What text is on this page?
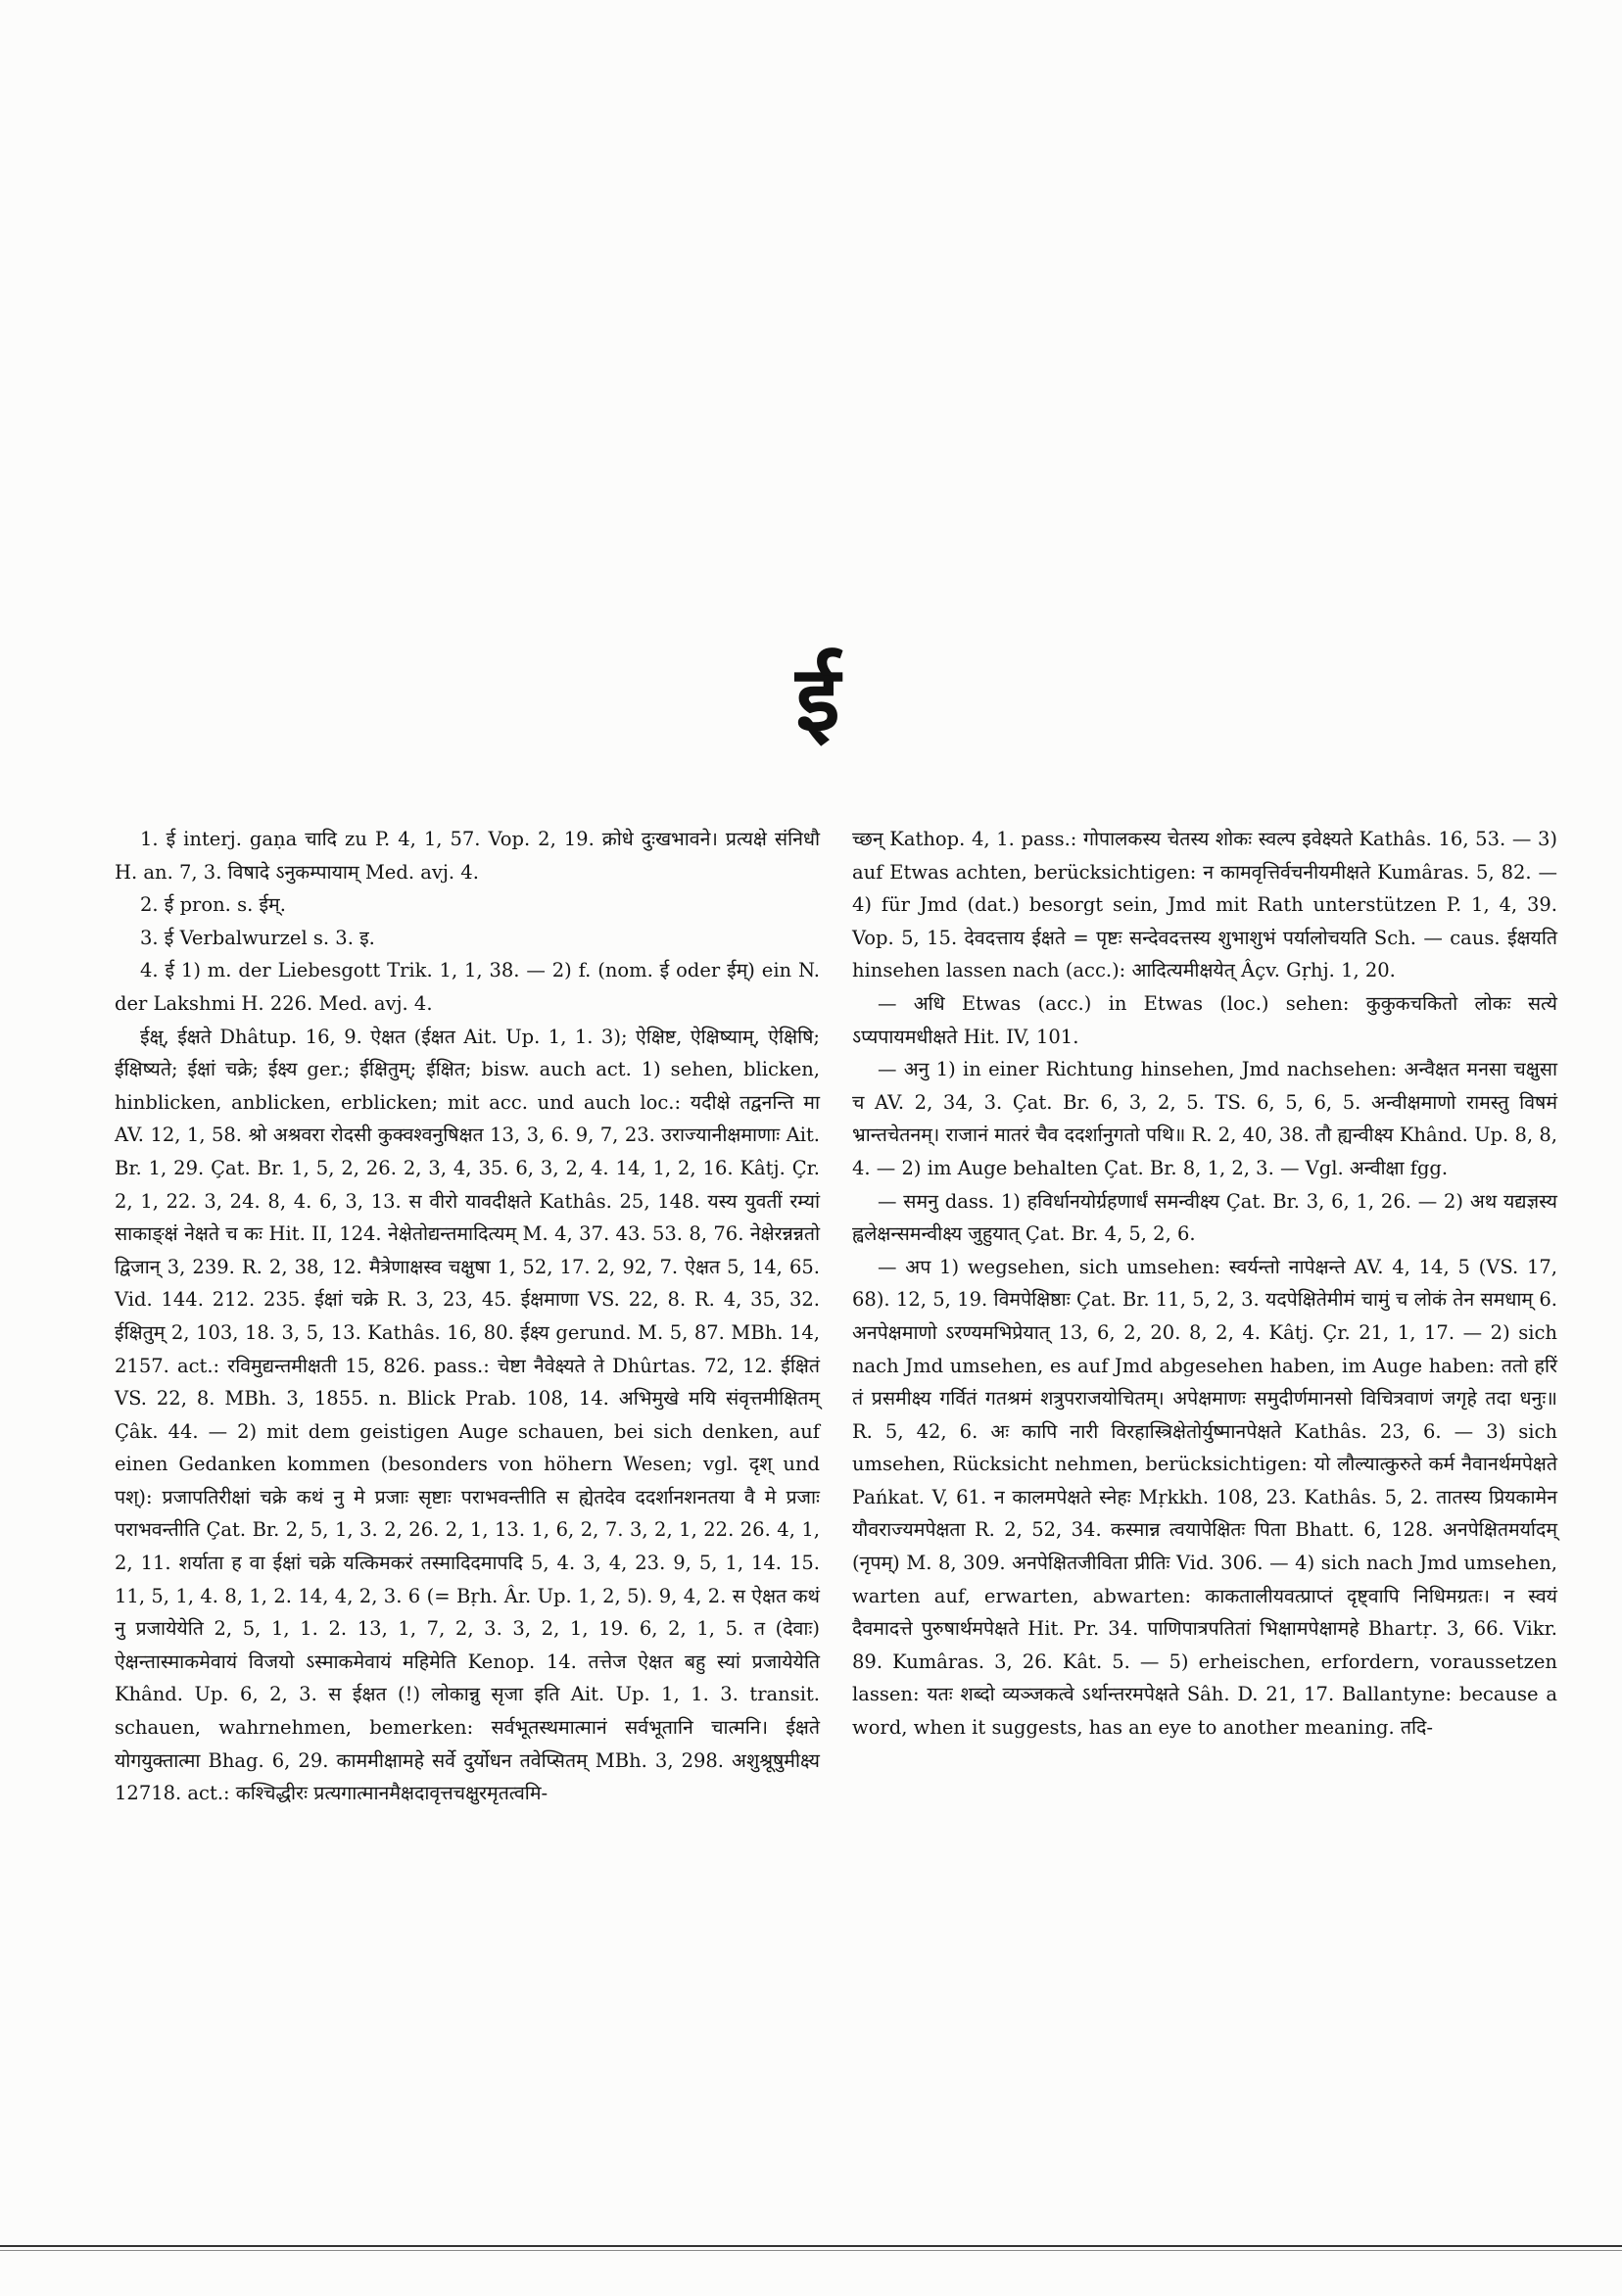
ई

1. ई interj. gaṇa चादि zu P. 4, 1, 57. Vop. 2, 19. क्रोधे दुःखभावने। प्रत्यक्षे संनिधौ H. an. 7, 3. विषादे ऽनुकम्पायाम् Med. avj. 4.

2. ई pron. s. ईम्.

3. ई Verbalwurzel s. 3. इ.

4. ई 1) m. der Liebesgott Trik. 1, 1, 38. — 2) f. (nom. ई oder ईम्) ein N. der Lakshmi H. 226. Med. avj. 4.

ईक्ष्, ईक्षते Dhâtup. 16, 9. ऐक्षत (ईक्षत Ait. Up. 1, 1. 3); ऐक्षिष्ट, ऐक्षिष्याम्, ऐक्षिषि; ईक्षिष्यते; ईक्षां चक्रे; ईक्ष्य ger.; ईक्षितुम्; ईक्षित; bisw. auch act. 1) sehen, blicken, hinblicken, anblicken, erblicken; mit acc. und auch loc.: यदीक्षे तद्वनन्ति मा AV. 12, 1, 58. श्रो अश्रवरा रोदसी कुक्वश्वनुषिक्षत 13, 3, 6. 9, 7, 23. उराज्यानीक्षमाणाः Ait. Br. 1, 29. Çat. Br. 1, 5, 2, 26. 2, 3, 4, 35. 6, 3, 2, 4. 14, 1, 2, 16. Kâtj. Çr. 2, 1, 22. 3, 24. 8, 4. 6, 3, 13. स वीरो यावदीक्षते Kathâs. 25, 148. यस्य युवतीं रम्यां साकाङ्क्षं नेक्षते च कः Hit. II, 124. नेक्षेतोद्यन्तमादित्यम् M. 4, 37. 43. 53. 8, 76. नेक्षेरन्नन्नतो द्विजान् 3, 239. R. 2, 38, 12. मैत्रेणाक्षस्व चक्षुषा 1, 52, 17. 2, 92, 7. ऐक्षत 5, 14, 65. Vid. 144. 212. 235. ईक्षां चक्रे R. 3, 23, 45. ईक्षमाणा VS. 22, 8. R. 4, 35, 32. ईक्षितुम् 2, 103, 18. 3, 5, 13. Kathâs. 16, 80. ईक्ष्य gerund. M. 5, 87. MBh. 14, 2157. act.: रविमुद्यन्तमीक्षती 15, 826. pass.: चेष्टा नैवेक्ष्यते ते Dhûrtas. 72, 12. ईक्षितं VS. 22, 8. MBh. 3, 1855. n. Blick Prab. 108, 14. अभिमुखे मयि संवृत्तमीक्षितम् Çâk. 44. — 2) mit dem geistigen Auge schauen, bei sich denken, auf einen Gedanken kommen (besonders von höhern Wesen; vgl. दृश् und पश्): प्रजापतिरीक्षां चक्रे कथं नु मे प्रजाः सृष्टाः पराभवन्तीति स ह्येतदेव ददर्शानशनतया वै मे प्रजाः पराभवन्तीति Çat. Br. 2, 5, 1, 3. 2, 26. 2, 1, 13. 1, 6, 2, 7. 3, 2, 1, 22. 26. 4, 1, 2, 11. शर्याता ह वा ईक्षां चक्रे यत्किमकरं तस्मादिदमापदि 5, 4. 3, 4, 23. 9, 5, 1, 14. 15. 11, 5, 1, 4. 8, 1, 2. 14, 4, 2, 3. 6 (= Bṛh. Âr. Up. 1, 2, 5). 9, 4, 2. स ऐक्षत कथं नु प्रजायेयेति 2, 5, 1, 1. 2. 13, 1, 7, 2, 3. 3, 2, 1, 19. 6, 2, 1, 5. त (देवाः) ऐक्षन्तास्माकमेवायं विजयो ऽस्माकमेवायं महिमेति Kenop. 14. तत्तेज ऐक्षत बहु स्यां प्रजायेयेति Khând. Up. 6, 2, 3. स ईक्षत (!) लोकान्नु सृजा इति Ait. Up. 1, 1. 3. transit. schauen, wahrnehmen, bemerken: सर्वभूतस्थमात्मानं सर्वभूतानि चात्मनि। ईक्षते योगयुक्तात्मा Bhag. 6, 29. काममीक्षामहे सर्वे दुर्योधन तवेप्सितम् MBh. 3, 298. अशुश्रूषुमीक्ष्य 12718. act.: कश्चिद्धीरः प्रत्यगात्मानमैक्षदावृत्तचक्षुरमृतत्वमि-

च्छन् Kathop. 4, 1. pass.: गोपालकस्य चेतस्य शोकः स्वल्प इवेक्ष्यते Kathâs. 16, 53. — 3) auf Etwas achten, berücksichtigen: न कामवृत्तिर्वचनीयमीक्षते Kumâras. 5, 82. — 4) für Jmd (dat.) besorgt sein, Jmd mit Rath unterstützen P. 1, 4, 39. Vop. 5, 15. देवदत्ताय ईक्षते = पृष्टः सन्देवदत्तस्य शुभाशुभं पर्यालोचयति Sch. — caus. ईक्षयति hinsehen lassen nach (acc.): आदित्यमीक्षयेत् Âçv. Gṛhj. 1, 20.

— अधि Etwas (acc.) in Etwas (loc.) sehen: कुकुकचकितो लोकः सत्ये ऽप्यपायमधीक्षते Hit. IV, 101.

— अनु 1) in einer Richtung hinsehen, Jmd nachsehen: अन्वैक्षत मनसा चक्षुसा च AV. 2, 34, 3. Çat. Br. 6, 3, 2, 5. TS. 6, 5, 6, 5. अन्वीक्षमाणो रामस्तु विषमं भ्रान्तचेतनम्। राजानं मातरं चैव ददर्शानुगतो पथि॥ R. 2, 40, 38. तौ ह्यन्वीक्ष्य Khând. Up. 8, 8, 4. — 2) im Auge behalten Çat. Br. 8, 1, 2, 3. — Vgl. अन्वीक्षा fgg.

— समनु dass. 1) हविर्धानयोर्ग्रहणार्धं समन्वीक्ष्य Çat. Br. 3, 6, 1, 26. — 2) अथ यद्यज्ञस्य ह्वलेक्षन्समन्वीक्ष्य जुहुयात् Çat. Br. 4, 5, 2, 6.

— अप 1) wegsehen, sich umsehen: स्वर्यन्तो नापेक्षन्ते AV. 4, 14, 5 (VS. 17, 68). 12, 5, 19. विमपेक्षिष्ठाः Çat. Br. 11, 5, 2, 3. यदपेक्षितेमीमं चामुं च लोकं तेन समधाम् 6. अनपेक्षमाणो ऽरण्यमभिप्रेयात् 13, 6, 2, 20. 8, 2, 4. Kâtj. Çr. 21, 1, 17. — 2) sich nach Jmd umsehen, es auf Jmd abgesehen haben, im Auge haben: ततो हरिं तं प्रसमीक्ष्य गर्वितं गतश्रमं शत्रुपराजयोचितम्। अपेक्षमाणः समुदीर्णमानसो विचित्रवाणं जगृहे तदा धनुः॥ R. 5, 42, 6. अः कापि नारी विरहास्त्रिक्षेतोर्युष्मानपेक्षते Kathâs. 23, 6. — 3) sich umsehen, Rücksicht nehmen, berücksichtigen: यो लौल्यात्कुरुते कर्म नैवानर्थमपेक्षते Pańkat. V, 61. न कालमपेक्षते स्नेहः Mṛkkh. 108, 23. Kathâs. 5, 2. तातस्य प्रियकामेन यौवराज्यमपेक्षता R. 2, 52, 34. कस्मान्न त्वयापेक्षितः पिता Bhatt. 6, 128. अनपेक्षितमर्यादम् (नृपम्) M. 8, 309. अनपेक्षितजीविता प्रीतिः Vid. 306. — 4) sich nach Jmd umsehen, warten auf, erwarten, abwarten: काकतालीयवत्प्राप्तं दृष्ट्वापि निधिमग्रतः। न स्वयं दैवमादत्ते पुरुषार्थमपेक्षते Hit. Pr. 34. पाणिपात्रपतितां भिक्षामपेक्षामहे Bhartṛ. 3, 66. Vikr. 89. Kumâras. 3, 26. Kât. 5. — 5) erheischen, erfordern, voraussetzen lassen: यतः शब्दो व्यञ्जकत्वे ऽर्थान्तरमपेक्षते Sâh. D. 21, 17. Ballantyne: because a word, when it suggests, has an eye to another meaning. तदि-
